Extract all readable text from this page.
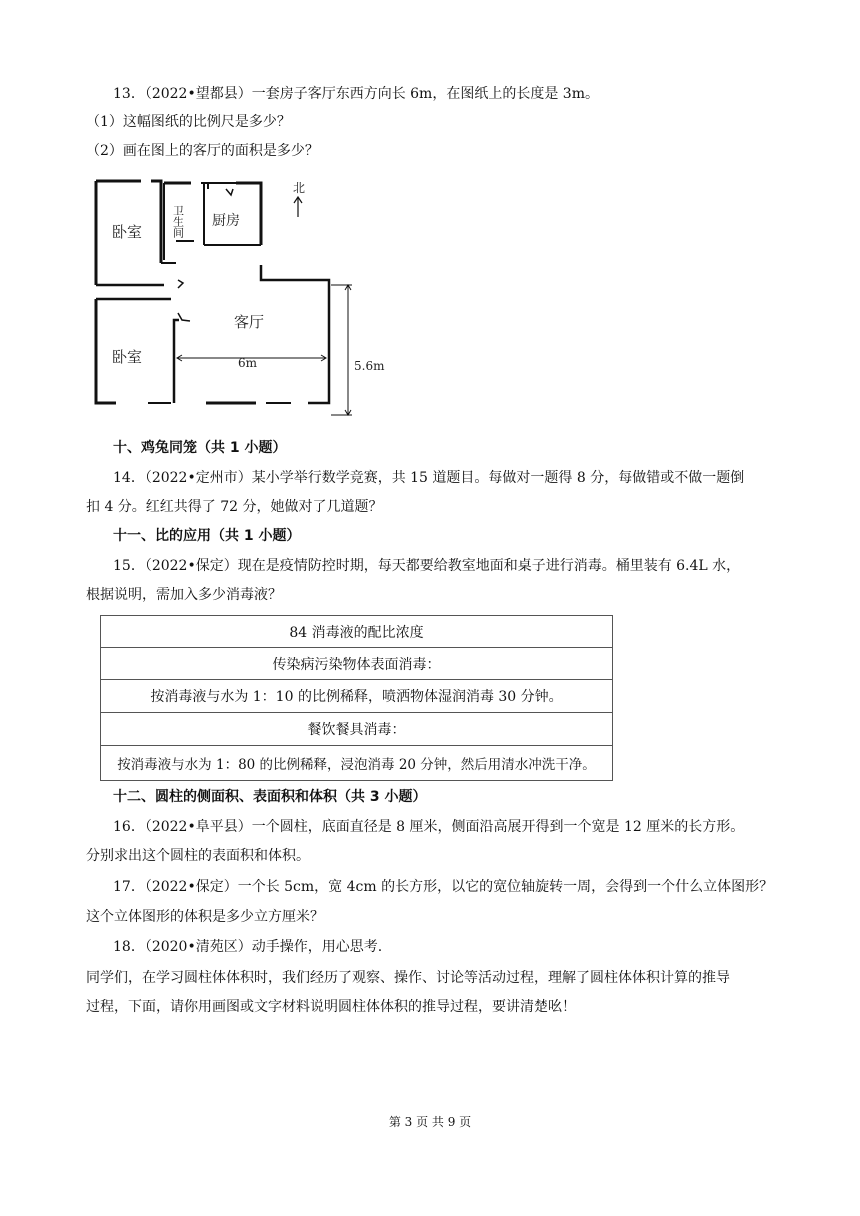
13．（2022•望都县）一套房子客厅东西方向长 6m，在图纸上的长度是 3m。
（1）这幅图纸的比例尺是多少？
（2）画在图上的客厅的面积是多少？
北
卧室	卫生间 厨房
客厅
卧室	6m	5.6m
十、鸡兔同笼（共 1 小题）
14．（2022•定州市）某小学举行数学竞赛，共 15 道题目。每做对一题得 8 分，每做错或不做一题倒
扣 4 分。红红共得了 72 分，她做对了几道题？
十一、比的应用（共 1 小题）
15．（2022•保定）现在是疫情防控时期，每天都要给教室地面和桌子进行消毒。桶里装有 6.4L 水，
根据说明，需加入多少消毒液？
84 消毒液的配比浓度
传染病污染物体表面消毒：
按消毒液与水为 1：10 的比例稀释，喷洒物体湿润消毒 30 分钟。
餐饮餐具消毒：
按消毒液与水为 1：80 的比例稀释，浸泡消毒 20 分钟，然后用清水冲洗干净。
十二、圆柱的侧面积、表面积和体积（共 3 小题）
16．（2022•阜平县）一个圆柱，底面直径是 8 厘米，侧面沿高展开得到一个宽是 12 厘米的长方形。
分别求出这个圆柱的表面积和体积。
17．（2022•保定）一个长 5cm，宽 4cm 的长方形，以它的宽位轴旋转一周，会得到一个什么立体图形？
这个立体图形的体积是多少立方厘米？
18．（2020•清苑区）动手操作，用心思考.
同学们，在学习圆柱体体积时，我们经历了观察、操作、讨论等活动过程，理解了圆柱体体积计算的推导
过程，下面，请你用画图或文字材料说明圆柱体体积的推导过程，要讲清楚吆！
第 3 页 共 9 页
